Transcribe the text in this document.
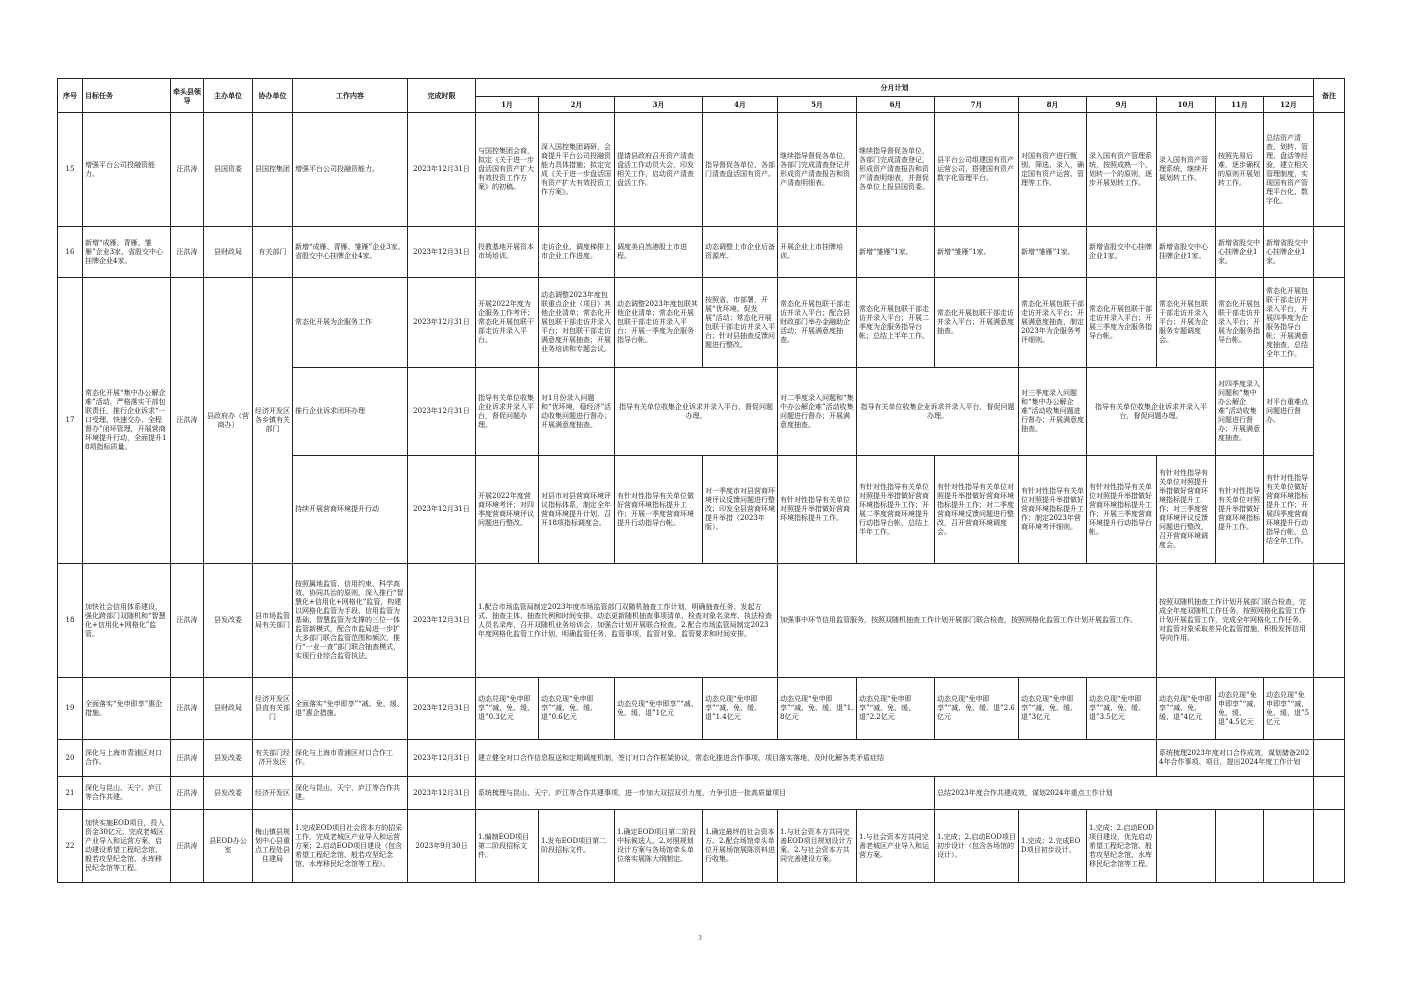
序号	目标任务	牵头县领导	主办单位	协办单位	工作内容	完成时限	分月计划												备注
							1月	2月	3月	4月	5月	6月	7月	8月	9月	10月	11月	12月	
15	增强平台公司投融资能力。	汪洪涛	县国资委	县国控集团	增强平台公司投融资能力。	2023年12月31日	与国控集团会商，拟定《关于进一步盘活国有资产扩大有效投资工作方案》的初稿。	深入国控集团调研，会商提升平台公司投融资能力具体措施；拟定完成《关于进一步盘活国有资产扩大有效投资工作方案》。	提请县政府召开资产清查盘活工作动员大会，印发相关工作，启动资产清查盘活工作。	指导督促各单位、各部门清查盘活国有资产。	继续指导督促各单位，各部门完成清查登记并形成资产清查报告和资产清查明细表。	继续指导督促各单位，各部门完成清查登记，形成资产清查报告和资产清查明细表，并督促各单位上报县国资委。	县平台公司组建国有资产运营公司，搭建国有资产数字化管理平台。	对国有资产进行甄别、筛选、录入，确定国有资产运营、管理等工作。	录入国有资产管理系统，按照成熟一个、划转一个的原则，逐步开展划转工作。	录入国有资产管理系统，继续开展划转工作。	按照先易后难，逐步确权的原则开展划转工作。	总结资产清查、划转、管理、盘活等经验，建立相关管理制度，实现国有资产管理平台化、数字化。	
16	新增“成雁、青雁、雏雁”企业3家、省股交中心挂牌企业4家。	汪洪涛	县财政局	有关部门	新增“成雁、青雁、雏雁”企业3家、省股交中心挂牌企业4家。	2023年12月31日	投教基地开展资本市场培训。	走访企业，调度梯排上市企业工作进度。	调度美自然港股上市进程。	动态调整上市企业后备资源库。	开展企业上市挂牌培训。	新增“雏雁”1家。	新增“雏雁”1家。	新增“雏雁”1家。	新增省股交中心挂牌企业1家。	新增省股交中心挂牌企业1家。	新增省股交中心挂牌企业1家。	新增省股交中心挂牌企业1家。	
17	常态化开展“集中办公解企难”活动，严格落实干部包联责任，推行企业诉求“一口受理、快速交办、全程督办”闭环管理，开展营商环境提升行动，全面提升18项指标质量。	汪洪涛	县政府办（营商办）	经济开发区各乡镇有关部门	常态化开展为企服务工作	2023年12月31日	开展2022年度为企服务工作考评；常态化开展包联干部走访并录入平台。	动态调整2023年度包联重点企业（项目）其他企业清单；常态化开展包联干部走访并录入平台；对包联干部走访满意度开展抽查；开展业务培训和专题会议。	动态调整2023年度包联其他企业清单；常态化开展包联干部走访并录入平台；开展一季度为企服务指导台帐。	按照省、市部署，开展“优环境、促发展”活动；常态化开展包联干部走访并录入平台；针对县抽查反馈问题进行整改。	常态化开展包联干部走访并录入平台；配合县财政部门举办金融助企活动；开展满意度抽查。	常态化开展包联干部走访并录入平台；开展二季度为企服务指导台帐；总结上半年工作。	常态化开展包联干部走访并录入平台；开展满意度抽查。	常态化开展包联干部走访并录入平台；开展满意度抽查，制定2023年为企服务考评细则。	常态化开展包联干部走访并录入平台；开展三季度为企服务指导台帐。	常态化开展包联干部走访并录入平台；开展为企服务专题调度会。	常态化开展包联干部走访并录入平台；开展为企服务指导台帐。	常态化开展包联干部走访并录入平台，开展四季度为企服务指导台帐；开展满意度抽查，总结全年工作。	
					推行企业诉求闭环办理	2023年12月31日	指导有关单位收集企业诉求并录入平台，督促问题办理。	对1月份录入问题和“优环境，稳经济”活动收集问题进行督办；开展满意度抽查。	指导有关单位收集企业诉求并录入平台，督促问题办理。		对二季度录入问题和“集中办公解企难”活动收集问题进行督办；开展满意度抽查。	指导有关单位收集企业诉求并录入平台，督促问题办理。		对三季度录入问题和“集中办公解企难”活动收集问题进行督办；开展满意度抽查。	指导有关单位收集企业诉求并录入平台，督促问题办理。		对四季度录入问题和“集中办公解企难”活动收集问题进行督办；开展满意度抽查。	对平台重难点问题进行督办。	
					持续开展营商环境提升行动	2023年12月31日	开展2022年度营商环境考评；对四季度营商环境评议问题进行整改。	对县市对县营商环境评议指标体系，制定全年营商环境提升计划，召开18项指标调度会。	有针对性指导有关单位做好营商环境指标提升工作；开展一季度营商环境提升行动指导台帐。	对一季度市对县营商环境评议反馈问题进行整改；印发全县营商环境提升举措（2023年版）。	有针对性指导有关单位对照提升举措做好营商环境指标提升工作。	有针对性指导有关单位对照提升举措做好营商环境指标提升工作；开展二季度营商环境提升行动指导台帐，总结上半年工作。	有针对性指导有关单位对照提升举措做好营商环境指标提升工作；对二季度营商环境反馈问题进行整改，召开营商环境调度会。	有针对性指导有关单位对照提升举措做好营商环境指标提升工作；制定2023年营商环境考评细则。	有针对性指导有关单位对照提升举措做好营商环境指标提升工作；开展三季度营商环境提升行动指导台帐。	有针对性指导有关单位对照提升举措做好营商环境指标提升工作；对三季度营商环境评议反馈问题进行整改，召开营商环境调度会。	有针对性指导有关单位对照提升举措做好营商环境指标提升工作。	有针对性指导有关单位做好营商环境指标提升工作；开展四季度营商环境提升行动指导台帐，总结全年工作。	
18	加快社会信用体系建设，强化跨部门双随机和“智慧化+信用化+网格化”监管。	汪洪涛	县发改委	县市场监管局有关部门	按照属地监管、信用约束、科学高效、协同共治的原则，深入推行“智慧化+信用化+网格化”监管，构建以网格化监管为手段、信用监管为基础，智慧监管为支撑的三位一体监管新模式，配合市监局进一步扩大多部门联合监管范围和频次，推行“一业一查”部门联合抽查模式，实现行业综合监管执法。	2023年12月31日	1.配合市场监管局制定2023年度市场监管部门双随机抽查工作计划，明确抽查任务、发起方式、抽查主体、抽查比例和时间安排。动态更新随机抽查事项清单、检查对象名录库、执法检查人员名录库，召开双随机业务培训会，加强合计划开展联合检查。2.配合市场监管局制定2023年度网格化监管工作计划，明确监管任务、监管事项、监管对象、监管要求和时间安排。				加强事中环节信用监管服务，按照双随机抽查工作计划开展部门联合检查，按照网格化监管工作计划开展监管工作。					按照双随机抽查工作计划开展部门联合检查，完成全年度双随机工作任务，按照网格化监管工作计划开展监管工作，完成全年网格化工作任务。对监管对象采取差异化监管措施，积极发挥信用导向作用。			
19	全面落实“免申即享”惠企措施。	汪洪涛	县财政局	经济开发区县直有关部门	全面落实“免申即享”“减、免、缓、退”惠企措施。	2023年12月31日	动态兑现“免申即享”“减、免、缓、退”0.3亿元	动态兑现“免申即享”“减、免、缓、退”0.6亿元	动态兑现“免申即享”“减、免、缓、退”1亿元	动态兑现“免申即享”“减、免、缓、退”1.4亿元	动态兑现“免申即享”“减、免、缓、退”1.8亿元	动态兑现“免申即享”“减、免、缓、退”2.2亿元	动态兑现“免申即享”“减、免、缓、退”2.6亿元	动态兑现“免申即享”“减、免、缓、退”3亿元	动态兑现“免申即享”“减、免、缓、退”3.5亿元	动态兑现“免申即享”“减、免、缓、退”4亿元	动态兑现“免申即享”“减、免、缓、退”4.5亿元	动态兑现“免申即享”“减、免、缓、退”5亿元	
20	深化与上海市青浦区对口合作。	汪洪涛	县发改委	有关部门经济开发区	深化与上海市青浦区对口合作工作。	2023年12月31日	建立健全对口合作信息报送和定期调度机制，签订对口合作框架协议，常态化推进合作事项、项目落实落地，及时化解各类矛盾症结									系统梳理2023年度对口合作成效，谋划储备2024年合作事项、项目，提出2024年度工作计划			
21	深化与昆山、天宁、庐江等合作共建。	汪洪涛	县发改委	经济开发区	深化与昆山、天宁、庐江等合作共建。	2023年12月31日	系统梳理与昆山、天宁、庐江等合作共建事项，进一步加大双招双引力度，力争引进一批高质量项目						总结2023年度合作共建成效，谋划2024年重点工作计划						
22	加快实施EOD项目，投入资金30亿元，完成老城区产业导入和运营方案，启动建设希望工程纪念馆、般若攻坚纪念馆、水库移民纪念馆等工程。	汪洪涛	县EOD办公室	梅山镇县规划中心县重点工程处县住建局	1.完成EOD项目社会资本方的招采工作，完成老城区产业导入和运营方案；2.启动EOD项目建设（包含希望工程纪念馆、般若攻坚纪念馆、水库移民纪念馆等工程）。	2023年9月30日	1.编制EOD项目第二阶段招标文件。	1.发布EOD项目第二阶段招标文件。	1.确定EOD项目第二阶段中标候选人。2.对照规划设计方案与各场馆牵头单位落实展陈大纲制定。	1.确定最终的社会资本方。2.配合场馆牵头单位开展场馆展陈资料进行收集。	1.与社会资本方共同完善EOD项目规划设计方案。2.与社会资本方共同完善建设方案。	1.与社会资本方共同完善老城区产业导入和运营方案。	1.完成；2.启动EOD项目初步设计（包含各场馆的设计）。	1.完成；2.完成EOD项目初步设计。	1.完成；2.启动EOD项目建设，优先启动希望工程纪念馆、般若攻坚纪念馆、水库移民纪念馆等工程。				
3
